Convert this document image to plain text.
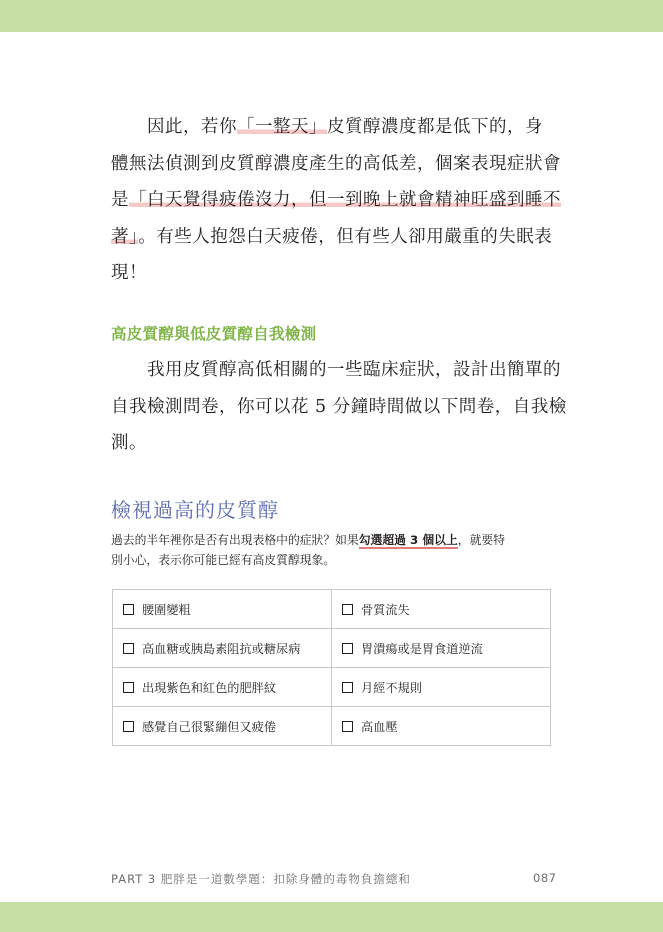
因此，若你「一整天」皮質醇濃度都是低下的，身
體無法偵測到皮質醇濃度產生的高低差，個案表現症狀會
是「白天覺得疲倦沒力，但一到晚上就會精神旺盛到睡不
著」。有些人抱怨白天疲倦，但有些人卻用嚴重的失眠表
現！

高皮質醇與低皮質醇自我檢測

我用皮質醇高低相關的一些臨床症狀，設計出簡單的
自我檢測問卷，你可以花 5 分鐘時間做以下問卷，自我檢
測。

檢視過高的皮質醇

過去的半年裡你是否有出現表格中的症狀？如果勾選超過 3 個以上，就要特
別小心，表示你可能已經有高皮質醇現象。

腰圍變粗	骨質流失
高血糖或胰島素阻抗或糖尿病	胃潰瘍或是胃食道逆流
出現紫色和紅色的肥胖紋	月經不規則
感覺自己很緊繃但又疲倦	高血壓
PART 3 肥胖是一道數學題：扣除身體的毒物負擔總和	087
